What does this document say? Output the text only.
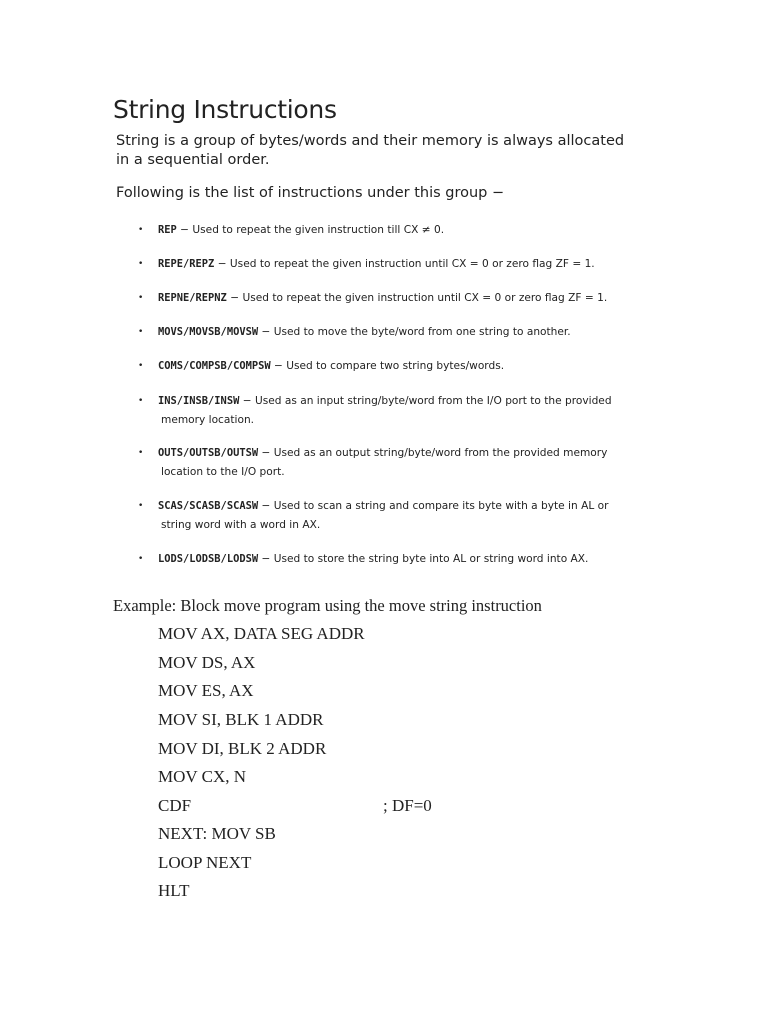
String Instructions
String is a group of bytes/words and their memory is always allocated
in a sequential order.
Following is the list of instructions under this group −
•	REP − Used to repeat the given instruction till CX ≠ 0.
•	REPE/REPZ − Used to repeat the given instruction until CX = 0 or zero flag ZF = 1.
•	REPNE/REPNZ − Used to repeat the given instruction until CX = 0 or zero flag ZF = 1.
•	MOVS/MOVSB/MOVSW − Used to move the byte/word from one string to another.
•	COMS/COMPSB/COMPSW − Used to compare two string bytes/words.
•	INS/INSB/INSW − Used as an input string/byte/word from the I/O port to the provided
memory location.
•	OUTS/OUTSB/OUTSW − Used as an output string/byte/word from the provided memory
location to the I/O port.
•	SCAS/SCASB/SCASW − Used to scan a string and compare its byte with a byte in AL or
string word with a word in AX.
•	LODS/LODSB/LODSW − Used to store the string byte into AL or string word into AX.
Example: Block move program using the move string instruction
MOV AX, DATA SEG ADDR
MOV DS, AX
MOV ES, AX
MOV SI, BLK 1 ADDR
MOV DI, BLK 2 ADDR
MOV CX, N
CDF	; DF=0
NEXT: MOV SB
LOOP NEXT
HLT
